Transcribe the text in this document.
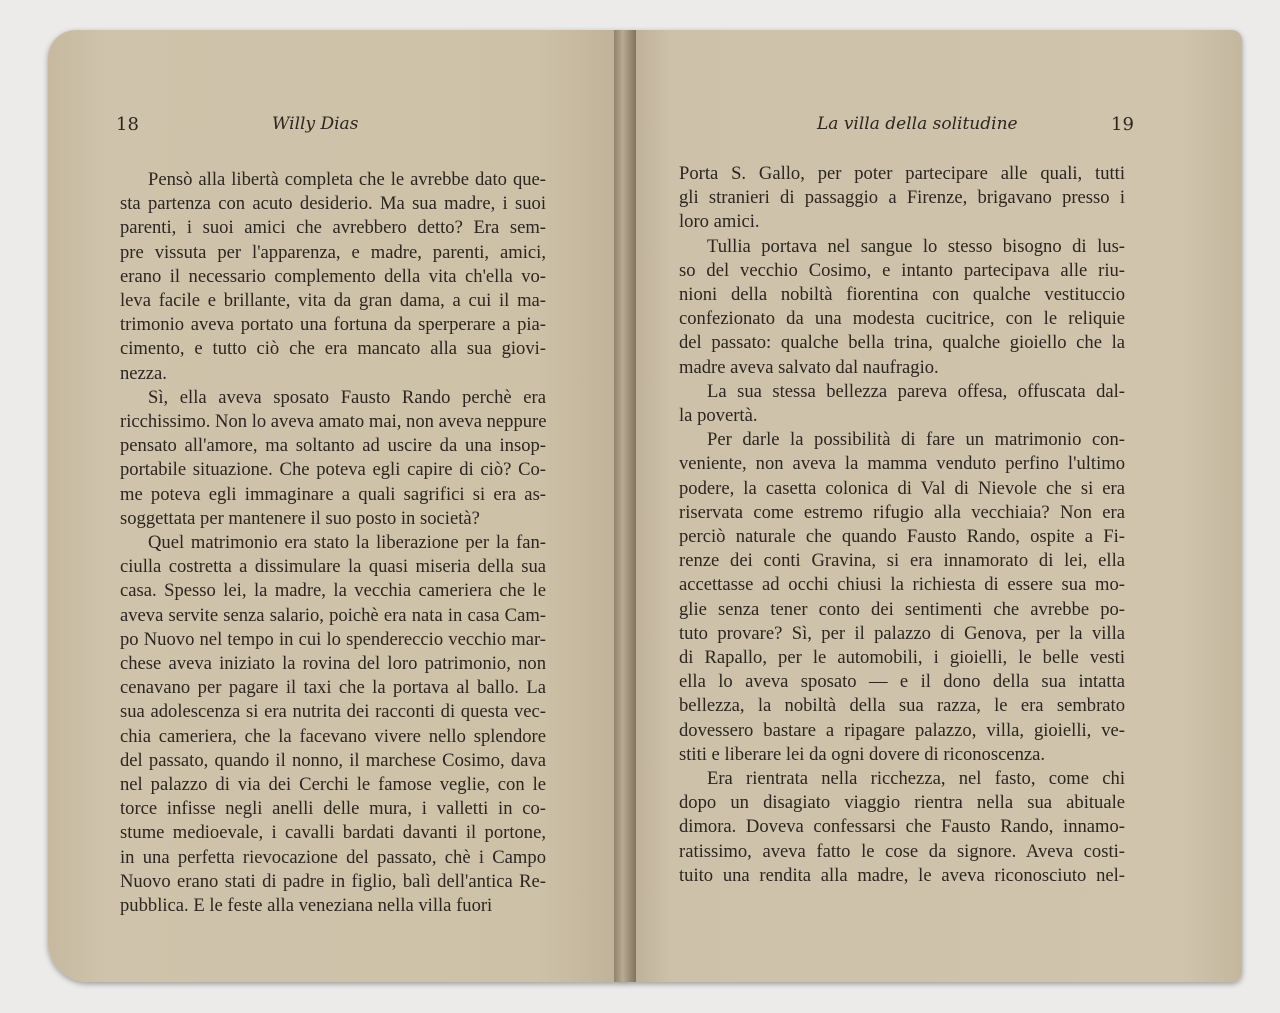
18	Willy Dias
Pensò alla libertà completa che le avrebbe dato que-
sta partenza con acuto desiderio. Ma sua madre, i suoi
parenti, i suoi amici che avrebbero detto? Era sem-
pre vissuta per l'apparenza, e madre, parenti, amici,
erano il necessario complemento della vita ch'ella vo-
leva facile e brillante, vita da gran dama, a cui il ma-
trimonio aveva portato una fortuna da sperperare a pia-
cimento, e tutto ciò che era mancato alla sua giovi-
nezza.
Sì, ella aveva sposato Fausto Rando perchè era
ricchissimo. Non lo aveva amato mai, non aveva neppure
pensato all'amore, ma soltanto ad uscire da una insop-
portabile situazione. Che poteva egli capire di ciò? Co-
me poteva egli immaginare a quali sagrifici si era as-
soggettata per mantenere il suo posto in società?
Quel matrimonio era stato la liberazione per la fan-
ciulla costretta a dissimulare la quasi miseria della sua
casa. Spesso lei, la madre, la vecchia cameriera che le
aveva servite senza salario, poichè era nata in casa Cam-
po Nuovo nel tempo in cui lo spendereccio vecchio mar-
chese aveva iniziato la rovina del loro patrimonio, non
cenavano per pagare il taxi che la portava al ballo. La
sua adolescenza si era nutrita dei racconti di questa vec-
chia cameriera, che la facevano vivere nello splendore
del passato, quando il nonno, il marchese Cosimo, dava
nel palazzo di via dei Cerchi le famose veglie, con le
torce infisse negli anelli delle mura, i valletti in co-
stume medioevale, i cavalli bardati davanti il portone,
in una perfetta rievocazione del passato, chè i Campo
Nuovo erano stati di padre in figlio, balì dell'antica Re-
pubblica. E le feste alla veneziana nella villa fuori
La villa della solitudine	19
Porta S. Gallo, per poter partecipare alle quali, tutti
gli stranieri di passaggio a Firenze, brigavano presso i
loro amici.
Tullia portava nel sangue lo stesso bisogno di lus-
so del vecchio Cosimo, e intanto partecipava alle riu-
nioni della nobiltà fiorentina con qualche vestituccio
confezionato da una modesta cucitrice, con le reliquie
del passato: qualche bella trina, qualche gioiello che la
madre aveva salvato dal naufragio.
La sua stessa bellezza pareva offesa, offuscata dal-
la povertà.
Per darle la possibilità di fare un matrimonio con-
veniente, non aveva la mamma venduto perfino l'ultimo
podere, la casetta colonica di Val di Nievole che si era
riservata come estremo rifugio alla vecchiaia? Non era
perciò naturale che quando Fausto Rando, ospite a Fi-
renze dei conti Gravina, si era innamorato di lei, ella
accettasse ad occhi chiusi la richiesta di essere sua mo-
glie senza tener conto dei sentimenti che avrebbe po-
tuto provare? Sì, per il palazzo di Genova, per la villa
di Rapallo, per le automobili, i gioielli, le belle vesti
ella lo aveva sposato — e il dono della sua intatta
bellezza, la nobiltà della sua razza, le era sembrato
dovessero bastare a ripagare palazzo, villa, gioielli, ve-
stiti e liberare lei da ogni dovere di riconoscenza.
Era rientrata nella ricchezza, nel fasto, come chi
dopo un disagiato viaggio rientra nella sua abituale
dimora. Doveva confessarsi che Fausto Rando, innamo-
ratissimo, aveva fatto le cose da signore. Aveva costi-
tuito una rendita alla madre, le aveva riconosciuto nel-
